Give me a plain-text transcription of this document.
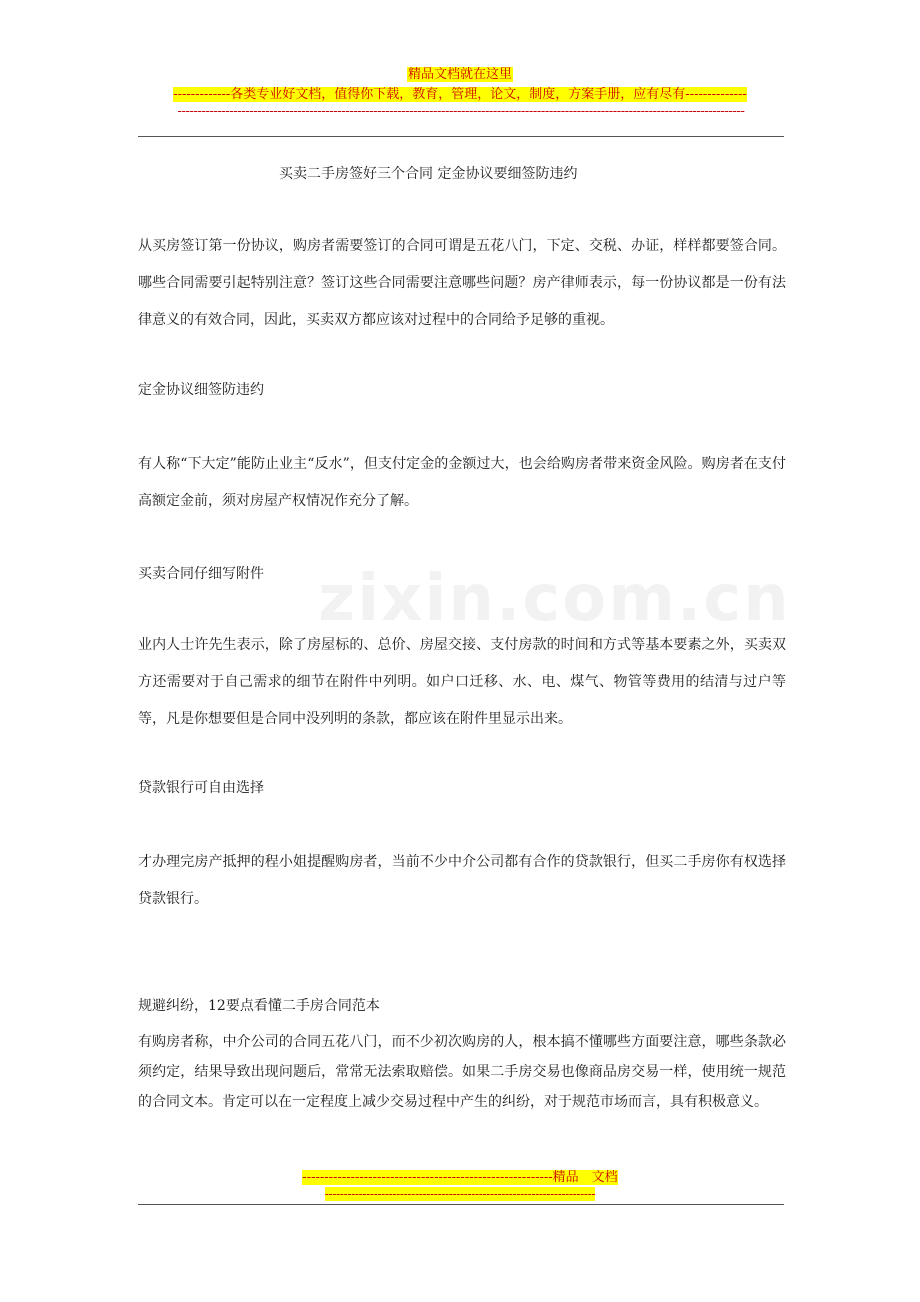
精品文档就在这里
-------------各类专业好文档，值得你下载，教育，管理，论文，制度，方案手册，应有尽有--------------
----------------------------------------------------------------------------------------------------------------------------------------------
zixin.com.cn
买卖二手房签好三个合同 定金协议要细签防违约
从买房签订第一份协议，购房者需要签订的合同可谓是五花八门，下定、交税、办证，样样都要签合同。哪些合同需要引起特别注意？签订这些合同需要注意哪些问题？房产律师表示，每一份协议都是一份有法律意义的有效合同，因此，买卖双方都应该对过程中的合同给予足够的重视。
定金协议细签防违约
有人称“下大定”能防止业主“反水”，但支付定金的金额过大，也会给购房者带来资金风险。购房者在支付高额定金前，须对房屋产权情况作充分了解。
买卖合同仔细写附件
业内人士许先生表示，除了房屋标的、总价、房屋交接、支付房款的时间和方式等基本要素之外，买卖双方还需要对于自己需求的细节在附件中列明。如户口迁移、水、电、煤气、物管等费用的结清与过户等等，凡是你想要但是合同中没列明的条款，都应该在附件里显示出来。
贷款银行可自由选择
才办理完房产抵押的程小姐提醒购房者，当前不少中介公司都有合作的贷款银行，但买二手房你有权选择贷款银行。
规避纠纷，12要点看懂二手房合同范本
有购房者称，中介公司的合同五花八门，而不少初次购房的人，根本搞不懂哪些方面要注意，哪些条款必须约定，结果导致出现问题后，常常无法索取赔偿。如果二手房交易也像商品房交易一样，使用统一规范的合同文本。肯定可以在一定程度上减少交易过程中产生的纠纷，对于规范市场而言，具有积极意义。
---------------------------------------------------------精品　文档
------------------------------------------------------------------------
